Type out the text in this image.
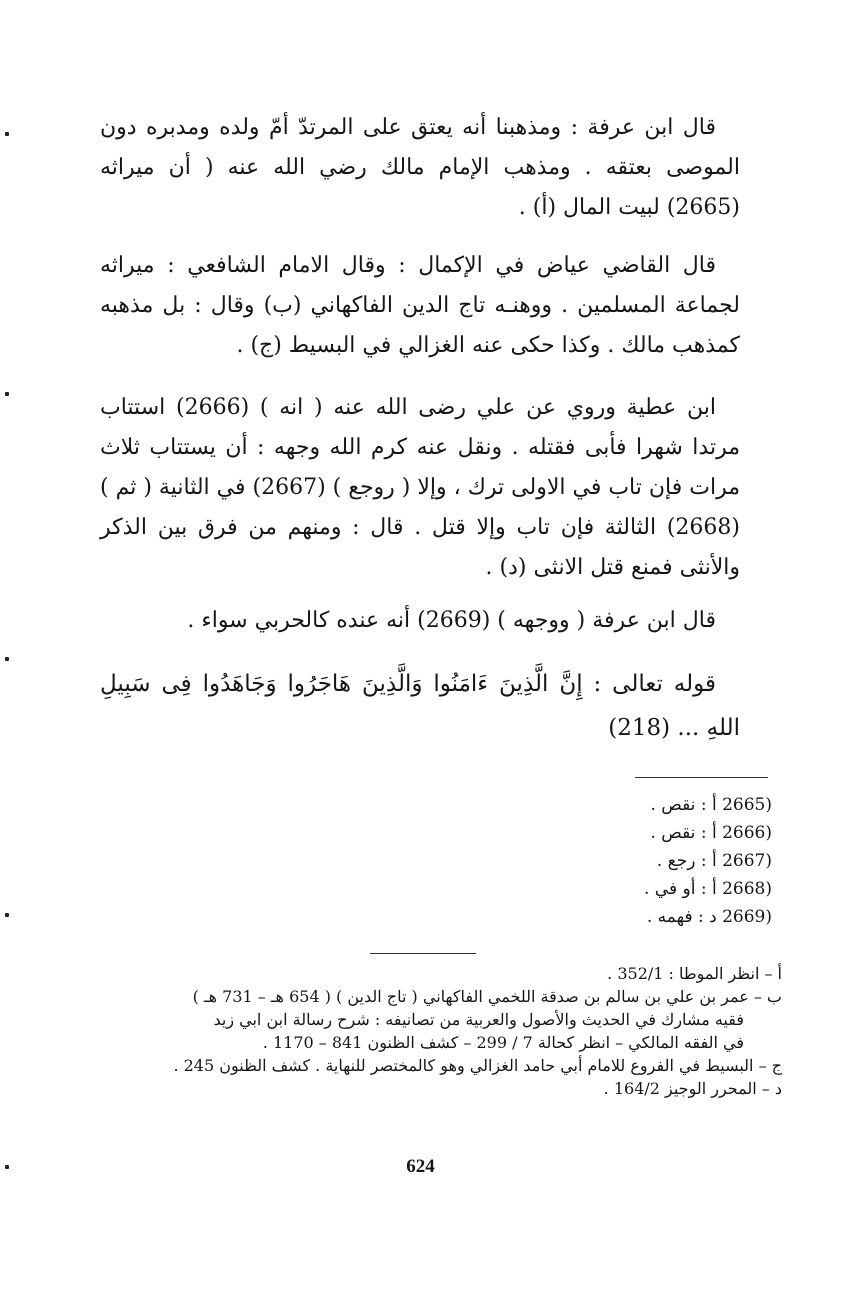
قال ابن عرفة : ومذهبنا أنه يعتق على المرتدّ أمّ ولده ومدبره دون الموصى بعتقه . ومذهب الإمام مالك رضي الله عنه ( أن ميراثه (2665) لبيت المال (أ) .

قال القاضي عياض في الإكمال : وقال الامام الشافعي : ميراثه لجماعة المسلمين . ووهنـه تاج الدين الفاكهاني (ب) وقال : بل مذهبه كمذهب مالك . وكذا حكى عنه الغزالي في البسيط (ج) .

ابن عطية وروي عن علي رضى الله عنه ( انه ) (2666) استتاب مرتدا شهرا فأبى فقتله . ونقل عنه كرم الله وجهه : أن يستتاب ثلاث مرات فإن تاب في الاولى ترك ، وإلا ( روجع ) (2667) في الثانية ( ثم ) (2668) الثالثة فإن تاب وإلا قتل . قال : ومنهم من فرق بين الذكر والأنثى فمنع قتل الانثى (د) .

قال ابن عرفة ( ووجهه ) (2669) أنه عنده كالحربي سواء .

قوله تعالى : إِنَّ الَّذِينَ ءَامَنُوا وَالَّذِينَ هَاجَرُوا وَجَاهَدُوا فِى سَبِيلِ اللهِ ... (218)

(2665 أ : نقص .
(2666 أ : نقص .
(2667 أ : رجع .
(2668 أ : أو في .
(2669 د : فهمه .
أ – انظر الموطا : 352/1 .
ب – عمر بن علي بن سالم بن صدقة اللخمي الفاكهاني ( تاج الدين ) ( 654 هـ – 731 هـ )
فقيه مشارك في الحديث والأصول والعربية من تصانيفه : شرح رسالة ابن ابي زيد
في الفقه المالكي – انظر كحالة 7 / 299 – كشف الظنون 841 – 1170 .
ج – البسيط في الفروع للامام أبي حامد الغزالي وهو كالمختصر للنهاية . كشف الظنون 245 .
د – المحرر الوجيز 164/2 .
624
